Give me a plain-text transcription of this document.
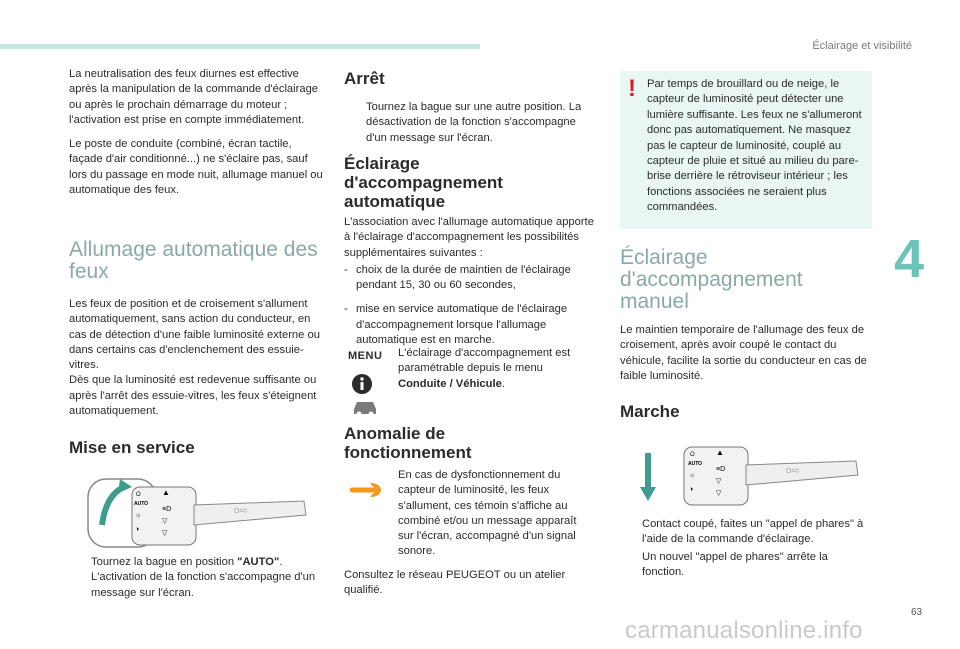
Éclairage et visibilité
4
63
carmanualsonline.info

La neutralisation des feux diurnes est effective après la manipulation de la commande d'éclairage ou après le prochain démarrage du moteur ; l'activation est prise en compte immédiatement.

Le poste de conduite (combiné, écran tactile, façade d'air conditionné...) ne s'éclaire pas, sauf lors du passage en mode nuit, allumage manuel ou automatique des feux.

Allumage automatique des feux

Les feux de position et de croisement s'allument automatiquement, sans action du conducteur, en cas de détection d'une faible luminosité externe ou dans certains cas d'enclenchement des essuie-vitres.

Dès que la luminosité est redevenue suffisante ou après l'arrêt des essuie-vitres, les feux s'éteignent automatiquement.

Mise en service
O
AUTO
☼
◑
▲
≡D
▽
▽
O=◊

Tournez la bague en position "AUTO". L'activation de la fonction s'accompagne d'un message sur l'écran.

Arrêt

Tournez la bague sur une autre position. La désactivation de la fonction s'accompagne d'un message sur l'écran.

Éclairage d'accompagnement automatique

L'association avec l'allumage automatique apporte à l'éclairage d'accompagnement les possibilités supplémentaires suivantes :

- choix de la durée de maintien de l'éclairage pendant 15, 30 ou 60 secondes,

- mise en service automatique de l'éclairage d'accompagnement lorsque l'allumage automatique est en marche.

MENU L'éclairage d'accompagnement est paramétrable depuis le menu Conduite / Véhicule.

Anomalie de fonctionnement

En cas de dysfonctionnement du capteur de luminosité, les feux s'allument, ces témoin s'affiche au combiné et/ou un message apparaît sur l'écran, accompagné d'un signal sonore.

Consultez le réseau PEUGEOT ou un atelier qualifié.

! Par temps de brouillard ou de neige, le capteur de luminosité peut détecter une lumière suffisante. Les feux ne s'allumeront donc pas automatiquement. Ne masquez pas le capteur de luminosité, couplé au capteur de pluie et situé au milieu du pare-brise derrière le rétroviseur intérieur ; les fonctions associées ne seraient plus commandées.
Éclairage d'accompagnement manuel

Le maintien temporaire de l'allumage des feux de croisement, après avoir coupé le contact du véhicule, facilite la sortie du conducteur en cas de faible luminosité.

Marche
O
AUTO
☼
◑
▲
≡D
▽
▽
O=◊

Contact coupé, faites un "appel de phares" à l'aide de la commande d'éclairage.

Un nouvel "appel de phares" arrête la fonction.
